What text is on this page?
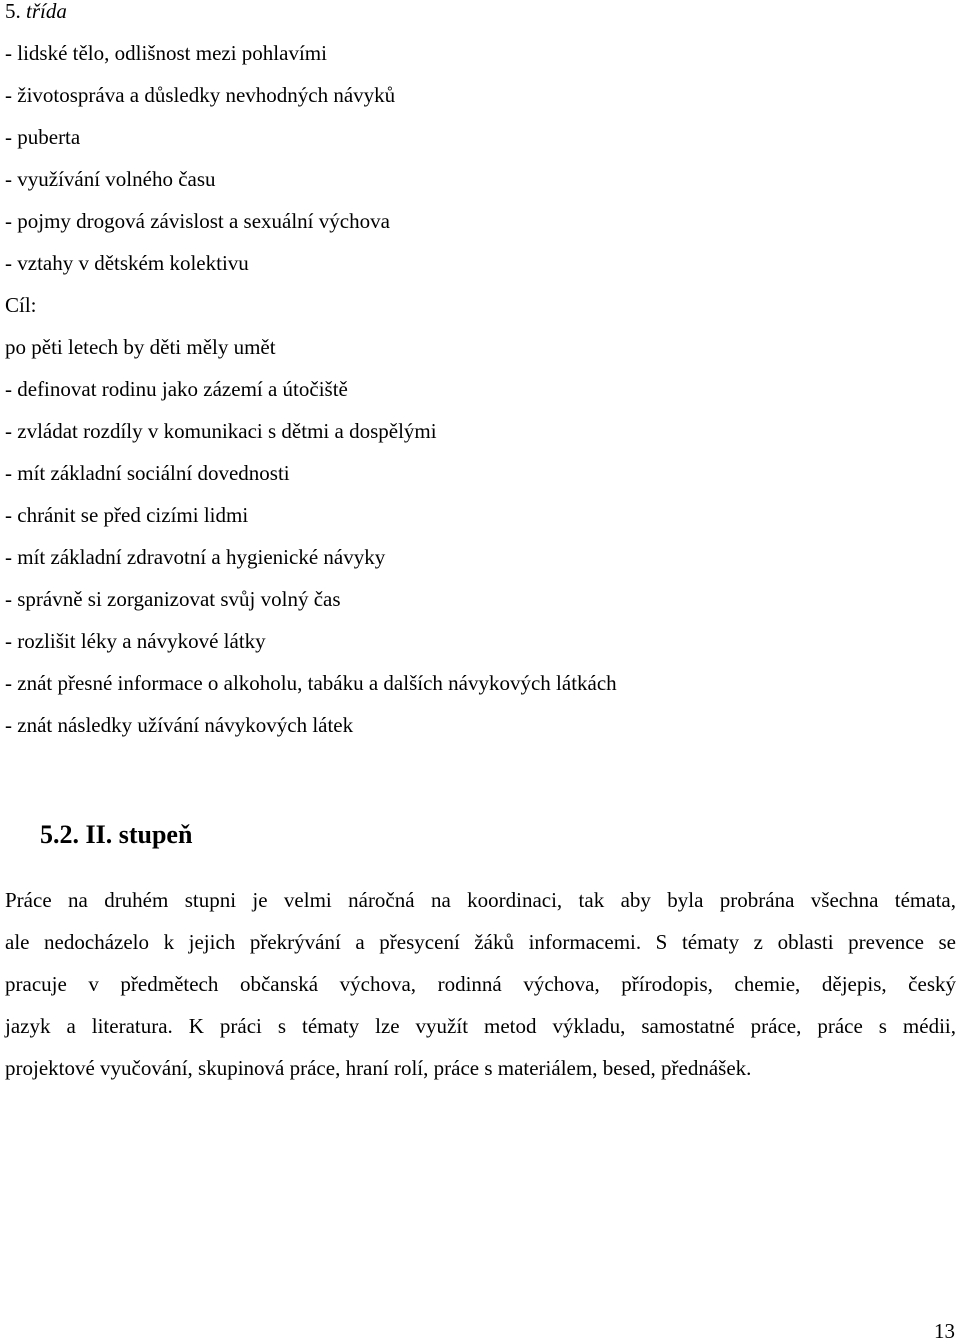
5. třída

- lidské tělo, odlišnost mezi pohlavími

- životospráva a důsledky nevhodných návyků

- puberta

- využívání volného času

- pojmy drogová závislost a sexuální výchova

- vztahy v dětském kolektivu

Cíl:

po pěti letech by děti měly umět

- definovat rodinu jako zázemí a útočiště

- zvládat rozdíly v komunikaci s dětmi a dospělými

- mít základní sociální dovednosti

- chránit se před cizími lidmi

- mít základní zdravotní a hygienické návyky

- správně si zorganizovat svůj volný čas

- rozlišit léky a návykové látky

- znát přesné informace o alkoholu, tabáku a dalších návykových látkách

- znát následky užívání návykových látek

5.2. II. stupeň

Práce na druhém stupni je velmi náročná na koordinaci, tak aby byla probrána všechna témata,

ale nedocházelo k jejich překrývání a přesycení žáků informacemi. S tématy z oblasti prevence se

pracuje v předmětech občanská výchova, rodinná výchova, přírodopis, chemie, dějepis, český

jazyk a literatura. K práci s tématy lze využít metod výkladu, samostatné práce, práce s médii,

projektové vyučování, skupinová práce, hraní rolí, práce s materiálem, besed, přednášek.

13
